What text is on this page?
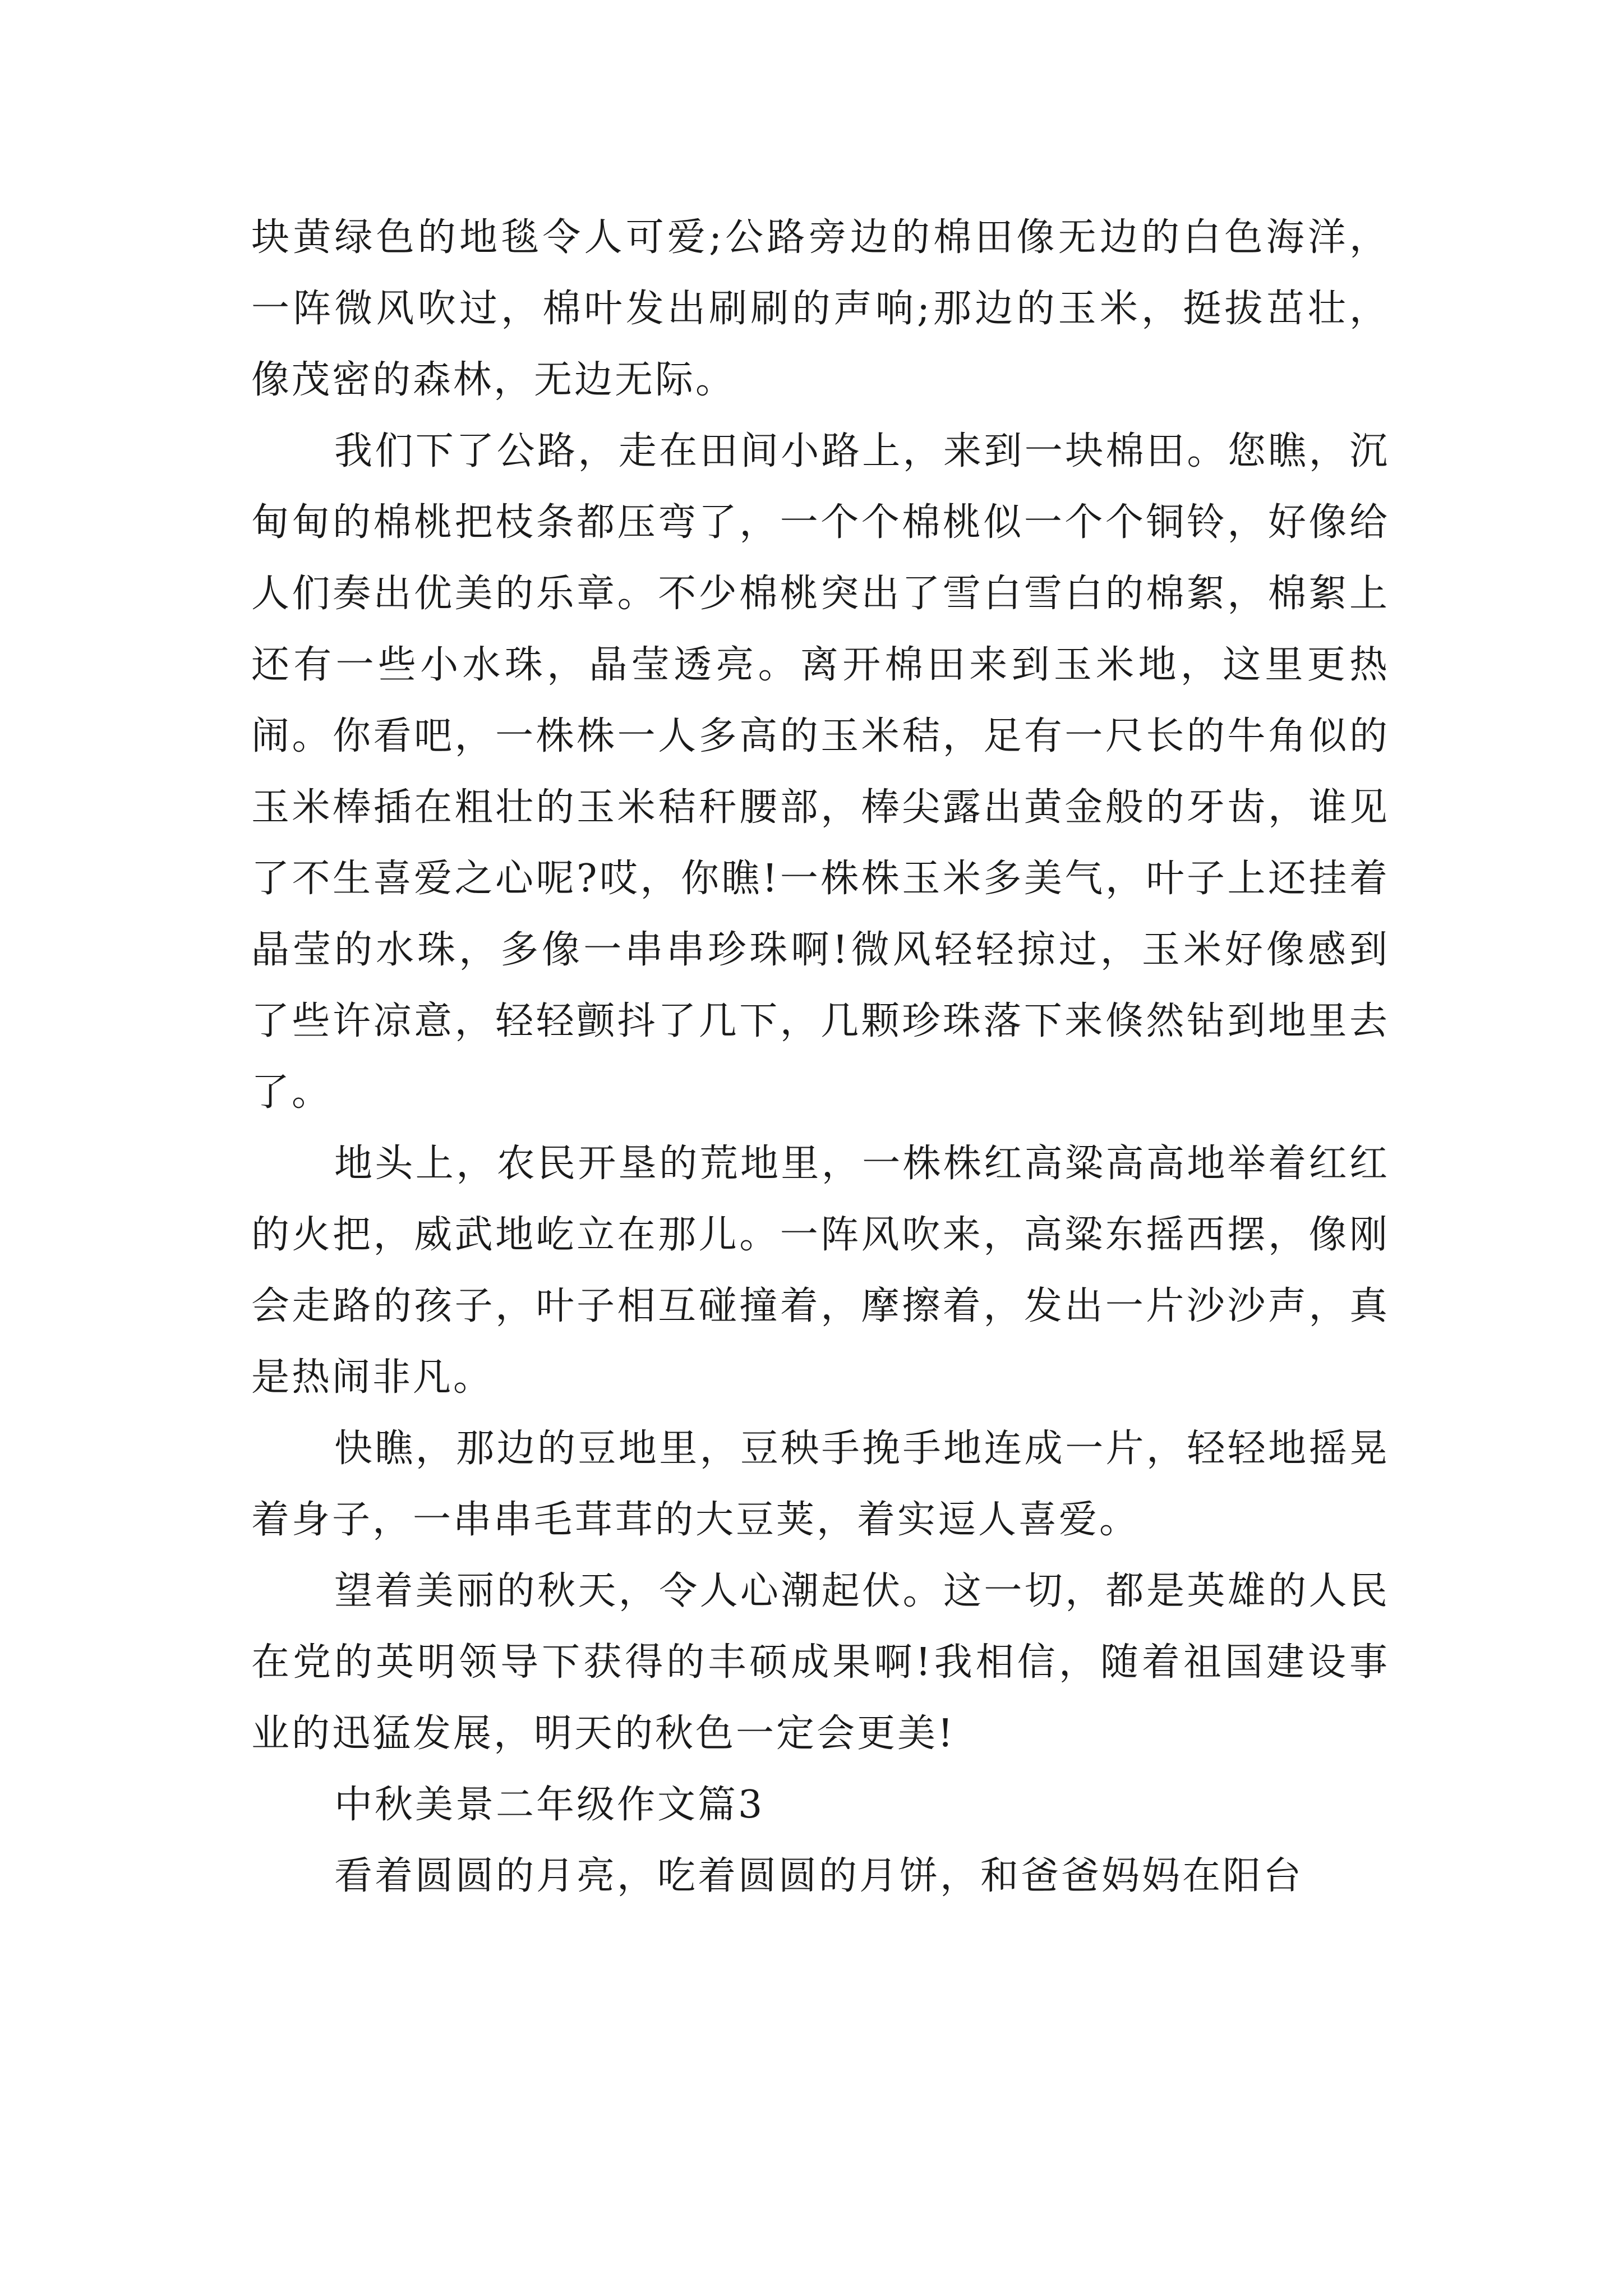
块黄绿色的地毯令人可爱;公路旁边的棉田像无边的白色海洋，一阵微风吹过，棉叶发出刷刷的声响;那边的玉米，挺拔茁壮，像茂密的森林，无边无际。

我们下了公路，走在田间小路上，来到一块棉田。您瞧，沉甸甸的棉桃把枝条都压弯了，一个个棉桃似一个个铜铃，好像给人们奏出优美的乐章。不少棉桃突出了雪白雪白的棉絮，棉絮上还有一些小水珠，晶莹透亮。离开棉田来到玉米地，这里更热闹。你看吧，一株株一人多高的玉米秸，足有一尺长的牛角似的玉米棒插在粗壮的玉米秸秆腰部，棒尖露出黄金般的牙齿，谁见了不生喜爱之心呢?哎，你瞧!一株株玉米多美气，叶子上还挂着晶莹的水珠，多像一串串珍珠啊!微风轻轻掠过，玉米好像感到了些许凉意，轻轻颤抖了几下，几颗珍珠落下来倏然钻到地里去了。

地头上，农民开垦的荒地里，一株株红高粱高高地举着红红的火把，威武地屹立在那儿。一阵风吹来，高粱东摇西摆，像刚会走路的孩子，叶子相互碰撞着，摩擦着，发出一片沙沙声，真是热闹非凡。

快瞧，那边的豆地里，豆秧手挽手地连成一片，轻轻地摇晃着身子，一串串毛茸茸的大豆荚，着实逗人喜爱。

望着美丽的秋天，令人心潮起伏。这一切，都是英雄的人民在党的英明领导下获得的丰硕成果啊!我相信，随着祖国建设事业的迅猛发展，明天的秋色一定会更美!

中秋美景二年级作文篇3

看着圆圆的月亮，吃着圆圆的月饼，和爸爸妈妈在阳台
